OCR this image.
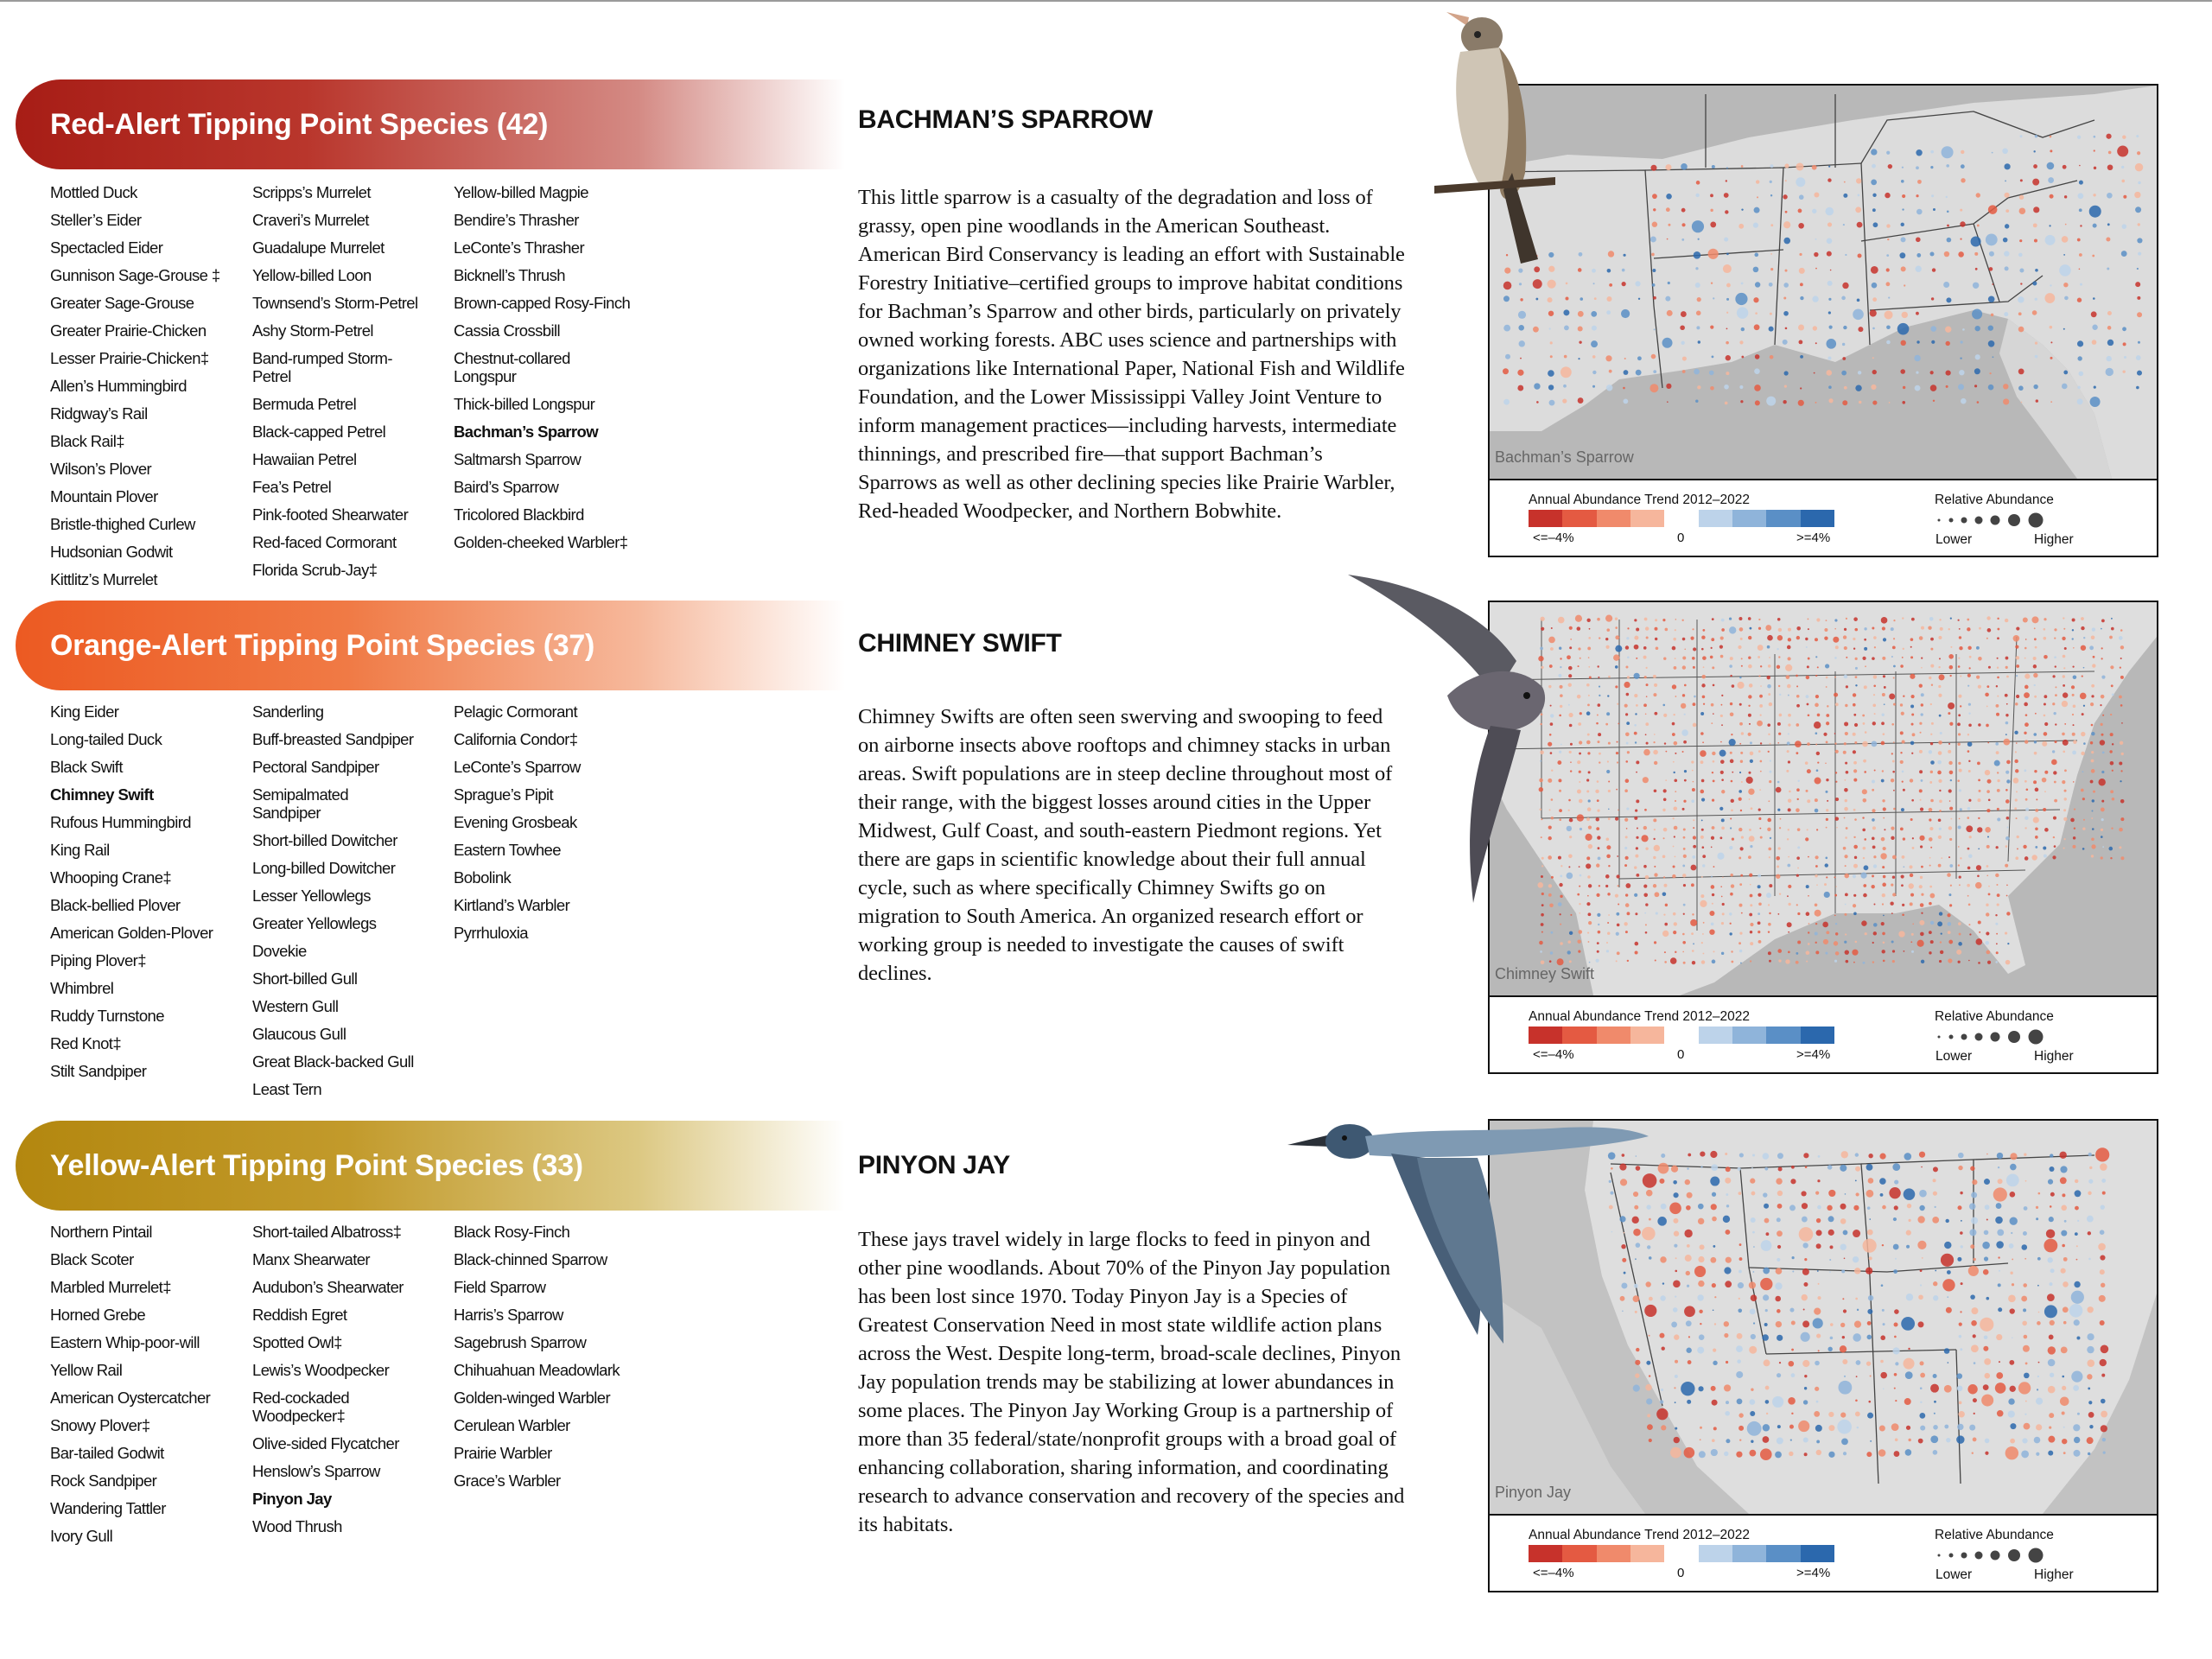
Red-Alert Tipping Point Species (42)
Mottled Duck
Steller’s Eider
Spectacled Eider
Gunnison Sage-Grouse ‡
Greater Sage-Grouse
Greater Prairie-Chicken
Lesser Prairie-Chicken‡
Allen’s Hummingbird
Ridgway’s Rail
Black Rail‡
Wilson’s Plover
Mountain Plover
Bristle-thighed Curlew
Hudsonian Godwit
Kittlitz’s Murrelet
Scripps’s Murrelet
Craveri’s Murrelet
Guadalupe Murrelet
Yellow-billed Loon
Townsend’s Storm-Petrel
Ashy Storm-Petrel
Band-rumped Storm-Petrel
Bermuda Petrel
Black-capped Petrel
Hawaiian Petrel
Fea’s Petrel
Pink-footed Shearwater
Red-faced Cormorant
Florida Scrub-Jay‡
Yellow-billed Magpie
Bendire’s Thrasher
LeConte’s Thrasher
Bicknell’s Thrush
Brown-capped Rosy-Finch
Cassia Crossbill
Chestnut-collared Longspur
Thick-billed Longspur
Bachman’s Sparrow
Saltmarsh Sparrow
Baird’s Sparrow
Tricolored Blackbird
Golden-cheeked Warbler‡
BACHMAN’S SPARROW
This little sparrow is a casualty of the degradation and loss of grassy, open pine woodlands in the American Southeast. American Bird Conservancy is leading an effort with Sustainable Forestry Initiative–certified groups to improve habitat conditions for Bachman’s Sparrow and other birds, particularly on privately owned working forests. ABC uses science and partnerships with organizations like International Paper, National Fish and Wildlife Foundation, and the Lower Mississippi Valley Joint Venture to inform management practices—including harvests, intermediate thinnings, and prescribed fire—that support Bachman’s Sparrows as well as other declining species like Prairie Warbler, Red-headed Woodpecker, and Northern Bobwhite.
Bachman’s Sparrow
Annual Abundance Trend 2012–2022
<=–4%	0	>=4%
Relative Abundance
Lower	Higher
Orange-Alert Tipping Point Species (37)
King Eider
Long-tailed Duck
Black Swift
Chimney Swift
Rufous Hummingbird
King Rail
Whooping Crane‡
Black-bellied Plover
American Golden-Plover
Piping Plover‡
Whimbrel
Ruddy Turnstone
Red Knot‡
Stilt Sandpiper
Sanderling
Buff-breasted Sandpiper
Pectoral Sandpiper
Semipalmated Sandpiper
Short-billed Dowitcher
Long-billed Dowitcher
Lesser Yellowlegs
Greater Yellowlegs
Dovekie
Short-billed Gull
Western Gull
Glaucous Gull
Great Black-backed Gull
Least Tern
Pelagic Cormorant
California Condor‡
LeConte’s Sparrow
Sprague’s Pipit
Evening Grosbeak
Eastern Towhee
Bobolink
Kirtland’s Warbler
Pyrrhuloxia
CHIMNEY SWIFT
Chimney Swifts are often seen swerving and swooping to feed on airborne insects above rooftops and chimney stacks in urban areas. Swift populations are in steep decline throughout most of their range, with the biggest losses around cities in the Upper Midwest, Gulf Coast, and south-eastern Piedmont regions. Yet there are gaps in scientific knowledge about their full annual cycle, such as where specifically Chimney Swifts go on migration to South America. An organized research effort or working group is needed to investigate the causes of swift declines.	Chimney Swift
Annual Abundance Trend 2012–2022
<=–4%	0	>=4%
Relative Abundance
Lower	Higher
Yellow-Alert Tipping Point Species (33)
Northern Pintail
Black Scoter
Marbled Murrelet‡
Horned Grebe
Eastern Whip-poor-will
Yellow Rail
American Oystercatcher
Snowy Plover‡
Bar-tailed Godwit
Rock Sandpiper
Wandering Tattler
Ivory Gull
Short-tailed Albatross‡
Manx Shearwater
Audubon’s Shearwater
Reddish Egret
Spotted Owl‡
Lewis’s Woodpecker
Red-cockaded Woodpecker‡
Olive-sided Flycatcher
Henslow’s Sparrow
Pinyon Jay
Wood Thrush
Black Rosy-Finch
Black-chinned Sparrow
Field Sparrow
Harris’s Sparrow
Sagebrush Sparrow
Chihuahuan Meadowlark
Golden-winged Warbler
Cerulean Warbler
Prairie Warbler
Grace’s Warbler
PINYON JAY
These jays travel widely in large flocks to feed in pinyon and other pine woodlands. About 70% of the Pinyon Jay population has been lost since 1970. Today Pinyon Jay is a Species of Greatest Conservation Need in most state wildlife action plans across the West. Despite long-term, broad-scale declines, Pinyon Jay population trends may be stabilizing at lower abundances in some places. The Pinyon Jay Working Group is a partnership of more than 35 federal/state/nonprofit groups with a broad goal of enhancing collaboration, sharing information, and coordinating research to advance conservation and recovery of the species and its habitats.
Pinyon Jay
Annual Abundance Trend 2012–2022
<=–4%	0	>=4%
Relative Abundance
Lower	Higher
